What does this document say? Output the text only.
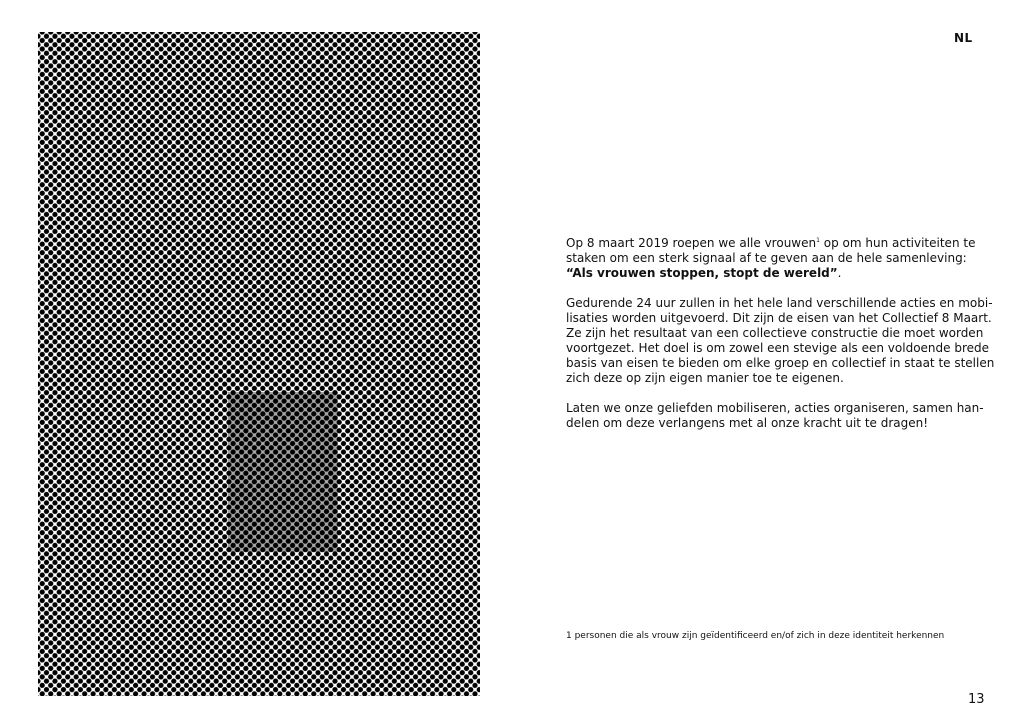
NL

Op 8 maart 2019 roepen we alle vrouwen$^1$ op om hun activiteiten te
staken om een sterk signaal af te geven aan de hele samenleving:
“Als vrouwen stoppen, stopt de wereld”.

Gedurende 24 uur zullen in het hele land verschillende acties en mobi-
lisaties worden uitgevoerd. Dit zijn de eisen van het Collectief 8 Maart.
Ze zijn het resultaat van een collectieve constructie die moet worden
voortgezet. Het doel is om zowel een stevige als een voldoende brede
basis van eisen te bieden om elke groep en collectief in staat te stellen
zich deze op zijn eigen manier toe te eigenen.

Laten we onze geliefden mobiliseren, acties organiseren, samen han-
delen om deze verlangens met al onze kracht uit te dragen!

1 personen die als vrouw zijn geïdentificeerd en/of zich in deze identiteit herkennen
13
